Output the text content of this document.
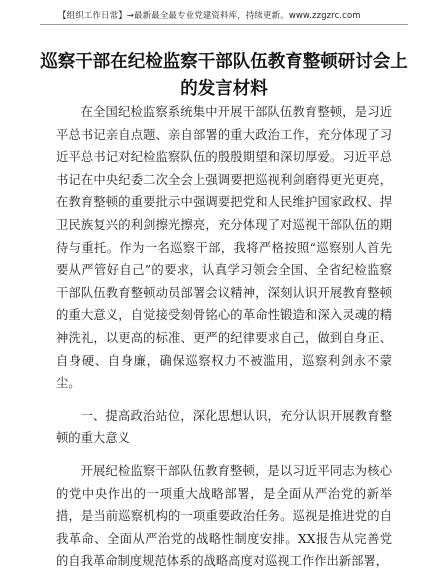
【组织工作日常】→最新最全最专业党建资料库，持续更新。www.zzgzrc.com
巡察干部在纪检监察干部队伍教育整顿研讨会上的发言材料

在全国纪检监察系统集中开展干部队伍教育整顿，是习近平总书记亲自点题、亲自部署的重大政治工作，充分体现了习近平总书记对纪检监察队伍的殷殷期望和深切厚爱。习近平总书记在中央纪委二次全会上强调要把巡视利剑磨得更光更亮，在教育整顿的重要批示中强调要把党和人民维护国家政权、捍卫民族复兴的利剑擦光擦亮，充分体现了对巡视干部队伍的期待与重托。作为一名巡察干部，我将严格按照“巡察别人首先要从严管好自己”的要求，认真学习领会全国、全省纪检监察干部队伍教育整顿动员部署会议精神，深刻认识开展教育整顿的重大意义，自觉接受刻骨铭心的革命性锻造和深入灵魂的精神洗礼，以更高的标准、更严的纪律要求自己，做到自身正、自身硬、自身廉，确保巡察权力不被滥用，巡察利剑永不蒙尘。

一、提高政治站位，深化思想认识，充分认识开展教育整顿的重大意义

开展纪检监察干部队伍教育整顿，是以习近平同志为核心的党中央作出的一项重大战略部署，是全面从严治党的新举措，是当前巡察机构的一项重要政治任务。巡视是推进党的自我革命、全面从严治党的战略性制度安排。XX报告从完善党的自我革命制度规范体系的战略高度对巡视工作作出新部署，
